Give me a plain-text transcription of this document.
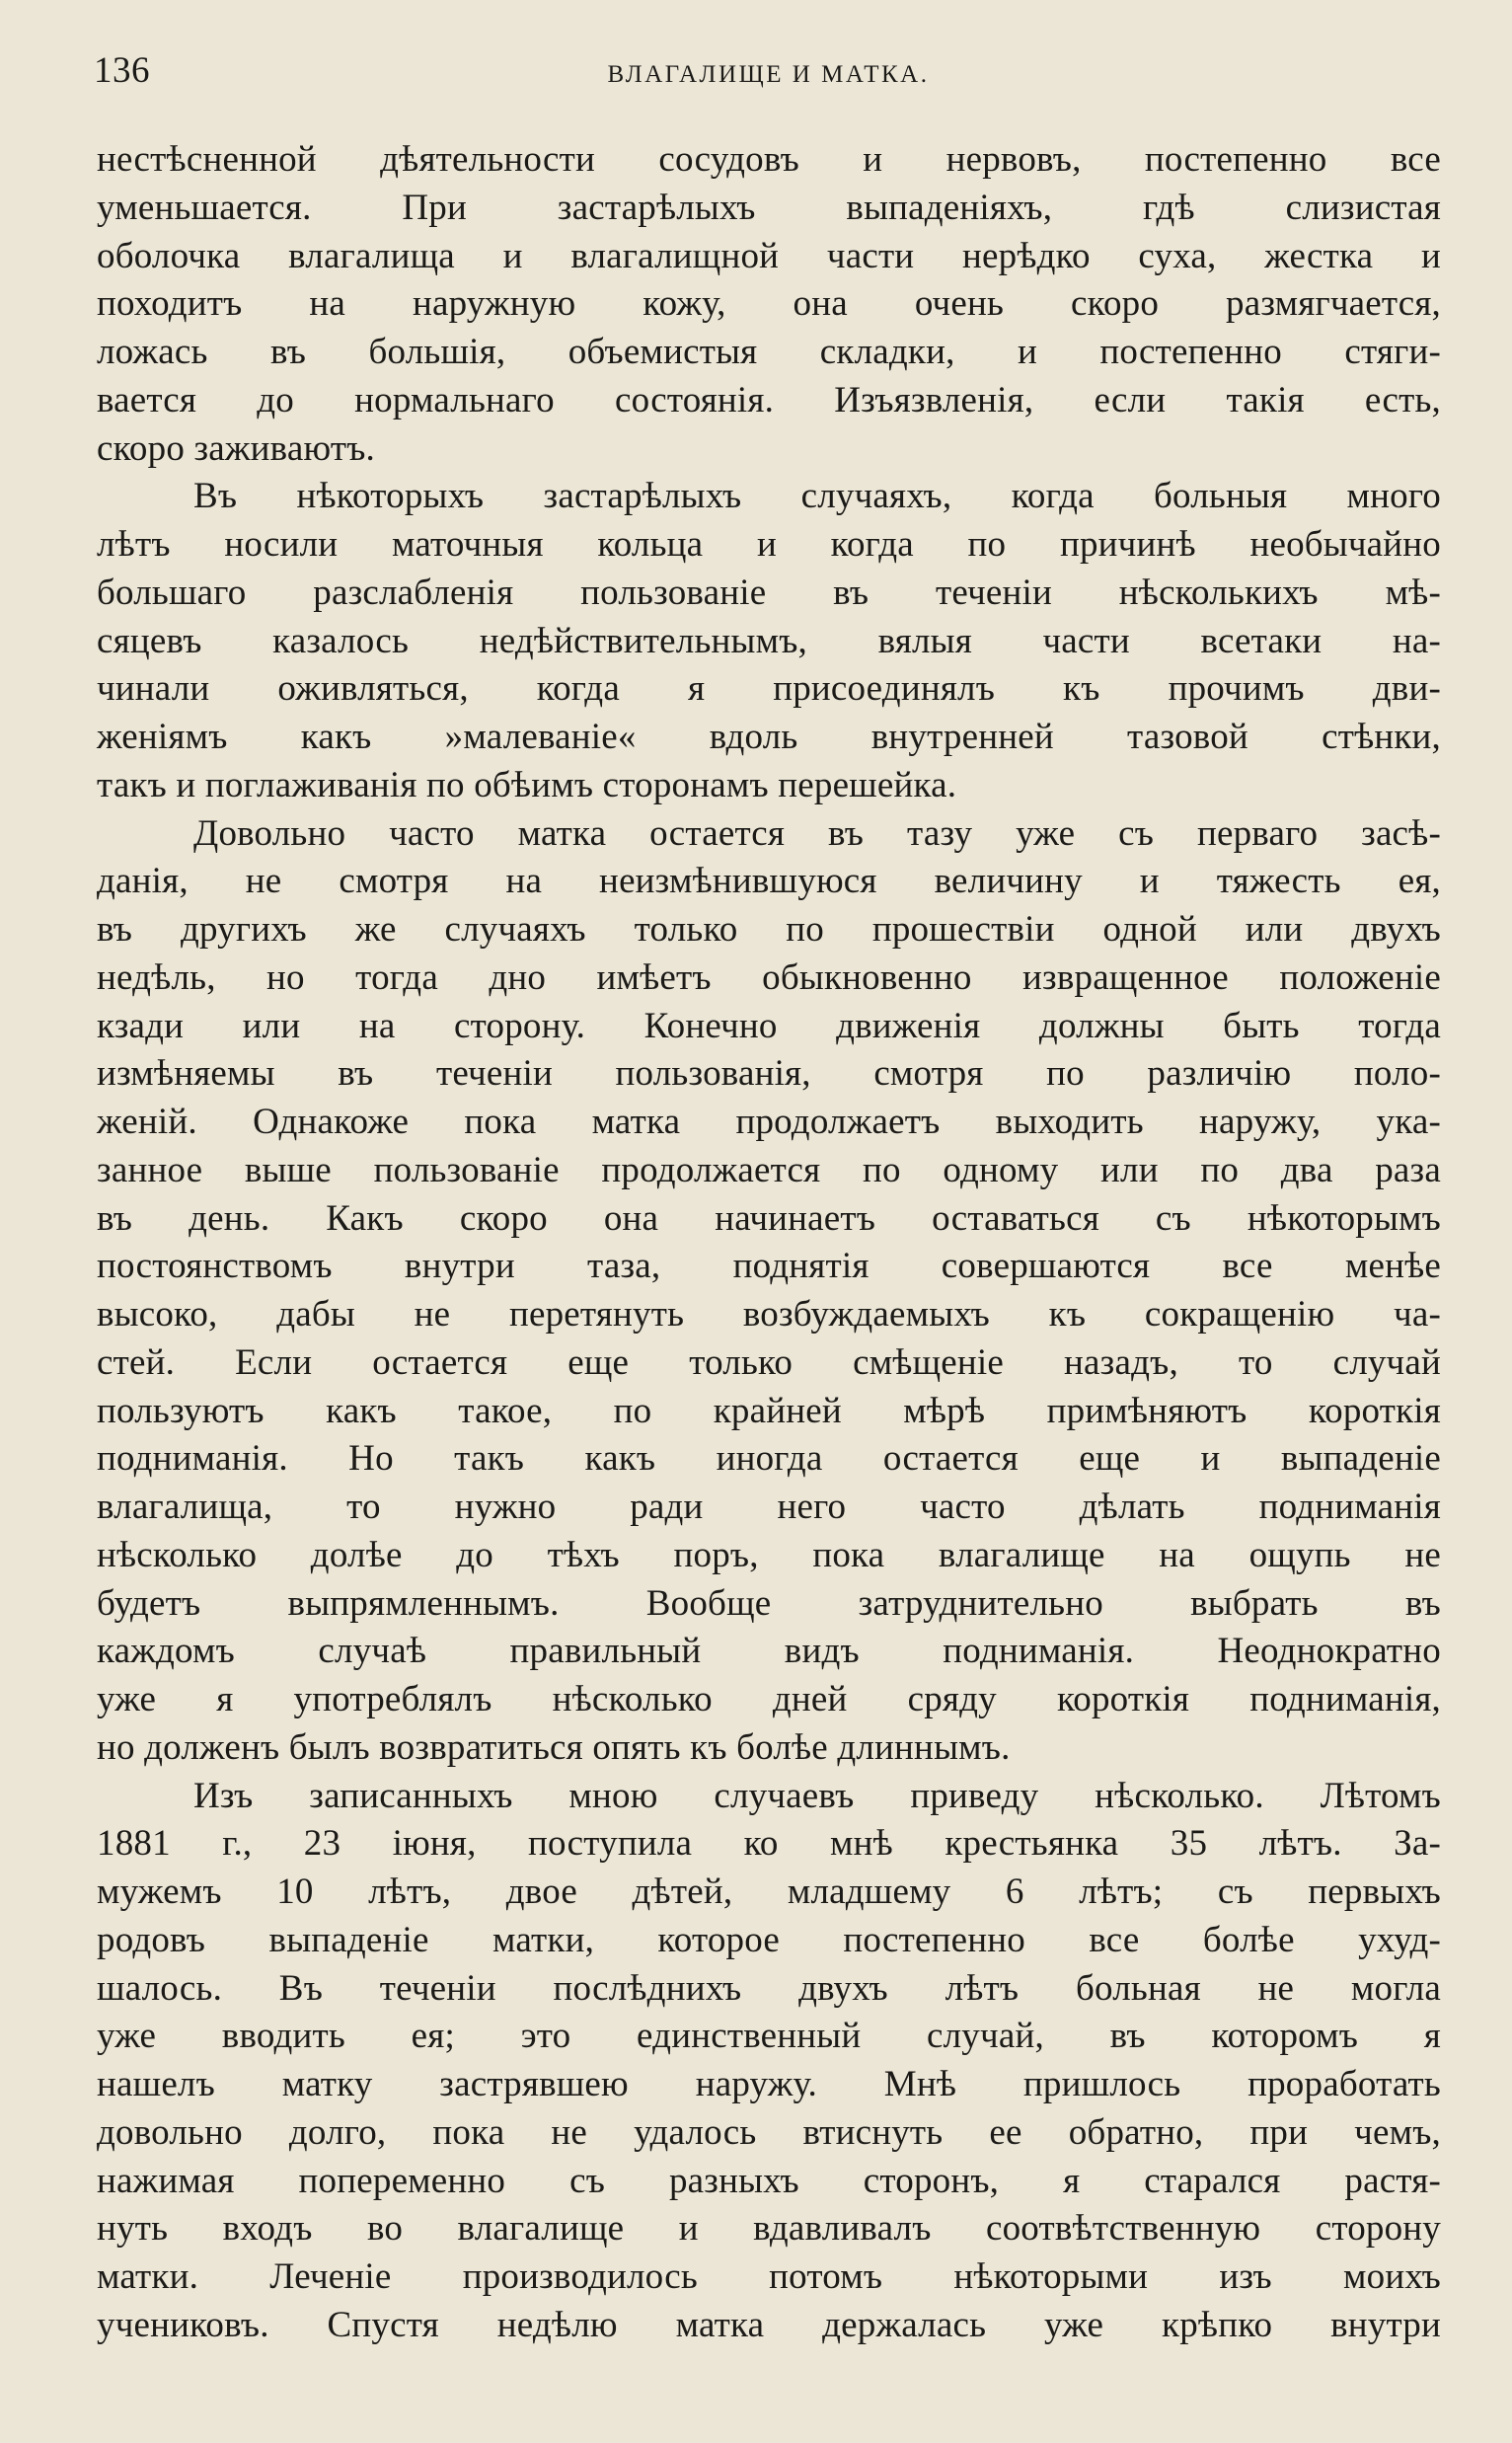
136	ВЛАГАЛИЩЕ И МАТКА.
нестѣсненной дѣятельности сосудовъ и нервовъ, постепенно все
уменьшается. При застарѣлыхъ выпаденіяхъ, гдѣ слизистая
оболочка влагалища и влагалищной части нерѣдко суха, жестка и
походитъ на наружную кожу, она очень скоро размягчается,
ложась въ большія, объемистыя складки, и постепенно стяги-
вается до нормальнаго состоянія. Изъязвленія, если такія есть,
скоро заживаютъ.
Въ нѣкоторыхъ застарѣлыхъ случаяхъ, когда больныя много
лѣтъ носили маточныя кольца и когда по причинѣ необычайно
большаго разслабленія пользованіе въ теченіи нѣсколькихъ мѣ-
сяцевъ казалось недѣйствительнымъ, вялыя части всетаки на-
чинали оживляться, когда я присоединялъ къ прочимъ дви-
женіямъ какъ »малеваніе« вдоль внутренней тазовой стѣнки,
такъ и поглаживанія по обѣимъ сторонамъ перешейка.
Довольно часто матка остается въ тазу уже съ перваго засѣ-
данія, не смотря на неизмѣнившуюся величину и тяжесть ея,
въ другихъ же случаяхъ только по прошествіи одной или двухъ
недѣль, но тогда дно имѣетъ обыкновенно извращенное положеніе
кзади или на сторону. Конечно движенія должны быть тогда
измѣняемы въ теченіи пользованія, смотря по различію поло-
женій. Однакоже пока матка продолжаетъ выходить наружу, ука-
занное выше пользованіе продолжается по одному или по два раза
въ день. Какъ скоро она начинаетъ оставаться съ нѣкоторымъ
постоянствомъ внутри таза, поднятія совершаются все менѣе
высоко, дабы не перетянуть возбуждаемыхъ къ сокращенію ча-
стей. Если остается еще только смѣщеніе назадъ, то случай
пользуютъ какъ такое, по крайней мѣрѣ примѣняютъ короткія
подниманія. Но такъ какъ иногда остается еще и выпаденіе
влагалища, то нужно ради него часто дѣлать подниманія
нѣсколько долѣе до тѣхъ поръ, пока влагалище на ощупь не
будетъ выпрямленнымъ. Вообще затруднительно выбрать въ
каждомъ случаѣ правильный видъ подниманія. Неоднократно
уже я употреблялъ нѣсколько дней сряду короткія подниманія,
но долженъ былъ возвратиться опять къ болѣе длиннымъ.
Изъ записанныхъ мною случаевъ приведу нѣсколько. Лѣтомъ
1881 г., 23 іюня, поступила ко мнѣ крестьянка 35 лѣтъ. За-
мужемъ 10 лѣтъ, двое дѣтей, младшему 6 лѣтъ; съ первыхъ
родовъ выпаденіе матки, которое постепенно все болѣе ухуд-
шалось. Въ теченіи послѣднихъ двухъ лѣтъ больная не могла
уже вводить ея; это единственный случай, въ которомъ я
нашелъ матку застрявшею наружу. Мнѣ пришлось проработать
довольно долго, пока не удалось втиснуть ее обратно, при чемъ,
нажимая попеременно съ разныхъ сторонъ, я старался растя-
нуть входъ во влагалище и вдавливалъ соотвѣтственную сторону
матки. Леченіе производилось потомъ нѣкоторыми изъ моихъ
учениковъ. Спустя недѣлю матка держалась уже крѣпко внутри
